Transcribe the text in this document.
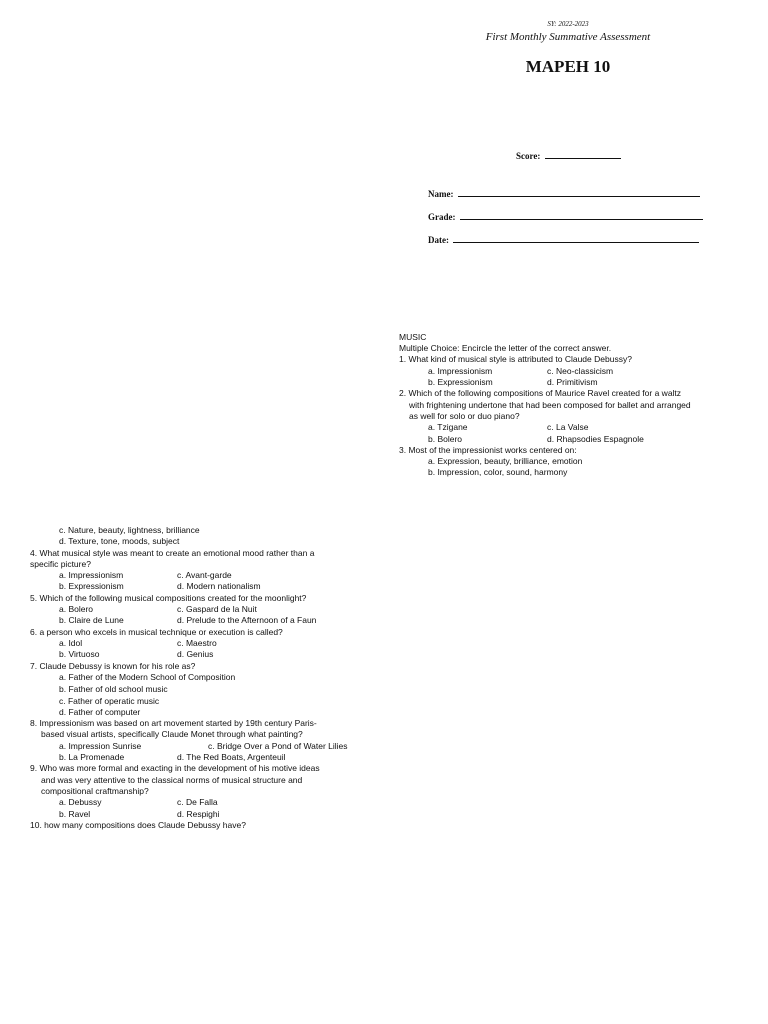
SY: 2022-2023
First Monthly Summative Assessment
MAPEH 10
Score:
Name:
Grade:
Date:
MUSIC
Multiple Choice: Encircle the letter of the correct answer.
1. What kind of musical style is attributed to Claude Debussy?
a. Impressionism	c. Neo-classicism
b. Expressionism	d. Primitivism
2. Which of the following compositions of Maurice Ravel created for a waltz
with frightening undertone that had been composed for ballet and arranged
as well for solo or duo piano?
a. Tzigane	c. La Valse
b. Bolero	d. Rhapsodies Espagnole
3. Most of the impressionist works centered on:
a. Expression, beauty, brilliance, emotion
b. Impression, color, sound, harmony
c. Nature, beauty, lightness, brilliance
d. Texture, tone, moods, subject
4. What musical style was meant to create an emotional mood rather than a
specific picture?
a. Impressionism	c. Avant-garde
b. Expressionism	d. Modern nationalism
5. Which of the following musical compositions created for the moonlight?
a. Bolero	c. Gaspard de la Nuit
b. Claire de Lune	d. Prelude to the Afternoon of a Faun
6. a person who excels in musical technique or execution is called?
a. Idol	c. Maestro
b. Virtuoso	d. Genius
7. Claude Debussy is known for his role as?
a. Father of the Modern School of Composition
b. Father of old school music
c. Father of operatic music
d. Father of computer
8. Impressionism was based on art movement started by 19th century Paris-
based visual artists, specifically Claude Monet through what painting?
a. Impression Sunrise	c. Bridge Over a Pond of Water Lilies
b. La Promenade	d. The Red Boats, Argenteuil
9. Who was more formal and exacting in the development of his motive ideas
and was very attentive to the classical norms of musical structure and
compositional craftmanship?
a. Debussy	c. De Falla
b. Ravel	d. Respighi
10. how many compositions does Claude Debussy have?
